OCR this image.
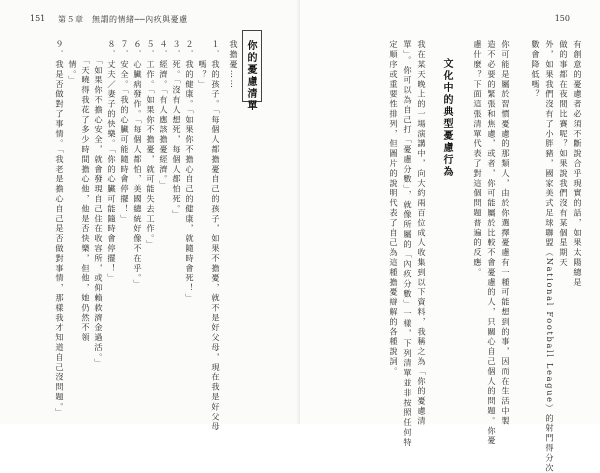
151 第５章　無謂的情緒──內疚與憂慮
你的憂慮清單
我擔憂……
１．我的孩子。「每個人都擔憂自己的孩子，如果不擔憂，就不是好父母，現在我是好父母
　　嗎？」
２．我的健康。「如果你不擔心自己的健康，就隨時會死！」
３．死。「沒有人想死，每個人都怕死。」
４．經濟。「有人應該擔憂經濟。」
５．工作。「如果你不擔憂，就可能失去工作。」
６．心臟病發作。「每個人都怕，美國總統好像不在乎。」
７．安全。「我的心臟可能隨時會停擺！」
８．丈夫／妻子的快樂。「你的心臟可能隨時會停擺！」
　　「如果你不擔心安全，就會發現自己住在收容所，或仰賴救濟金過活。」
　　「天曉得我花了多少時間擔心他，他是否快樂，但他，她仍然不領
　　情。」
９．我是否做對了事情。「我老是擔心自己是否做對事情，那樣我才知道自己沒問題。」
150
有創意的憂慮者必須不斷說合乎現實的話，如果太陽總是
做的事都在夜間比賽呢？如果說我們沒有某個星期天
外，如果我們沒有了小胖豬，國家美式足球聯盟（National Football League）的射門得分次
數會降低嗎？
你可能是屬於習慣憂慮的那類人，由於你選擇憂慮有一種可能想到的事，因而在生活中製
造不必要的緊張和焦慮，或者，你可能屬於比較不會憂慮的人，只關心自己個人的問題。你憂
慮什麼？下面這張清單代表了對這個問題普遍的反應。
文化中的典型憂慮行為
我在某天晚上的一場演講中，向大約兩百位成人收集到以下資料，我稱之為「你的憂慮清
單」。你可以為自己打「憂慮分數」，就像所屬的「內疚分數」一樣，下列清單並非按照任何特
定順序或重要性排列，但圖片的說明代表了自己為這種擔憂辯解的各種說詞。
